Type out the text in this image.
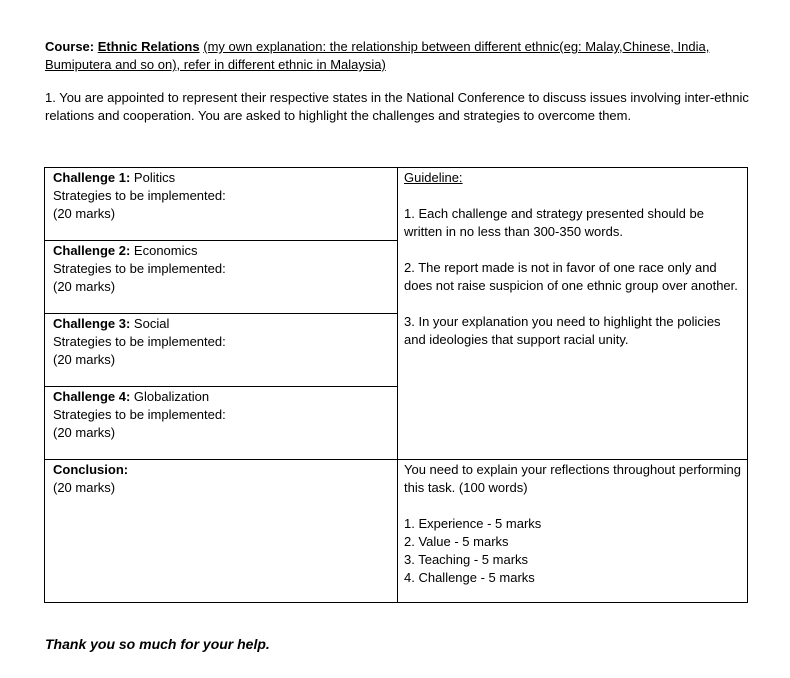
Course: Ethnic Relations (my own explanation: the relationship between different ethnic(eg: Malay,Chinese, India, Bumiputera and so on), refer in different ethnic in Malaysia)
1. You are appointed to represent their respective states in the National Conference to discuss issues involving inter-ethnic relations and cooperation. You are asked to highlight the challenges and strategies to overcome them.
Challenge 1: Politics
Strategies to be implemented:
(20 marks)
Challenge 2: Economics
Strategies to be implemented:
(20 marks)
Challenge 3: Social
Strategies to be implemented:
(20 marks)
Challenge 4: Globalization
Strategies to be implemented:
(20 marks)
Conclusion:
(20 marks)

Guideline:

1. Each challenge and strategy presented should be written in no less than 300-350 words.

2. The report made is not in favor of one race only and does not raise suspicion of one ethnic group over another.

3. In your explanation you need to highlight the policies and ideologies that support racial unity.

You need to explain your reflections throughout performing this task. (100 words)

1. Experience - 5 marks

2. Value - 5 marks

3. Teaching - 5 marks

4. Challenge - 5 marks

Thank you so much for your help.
